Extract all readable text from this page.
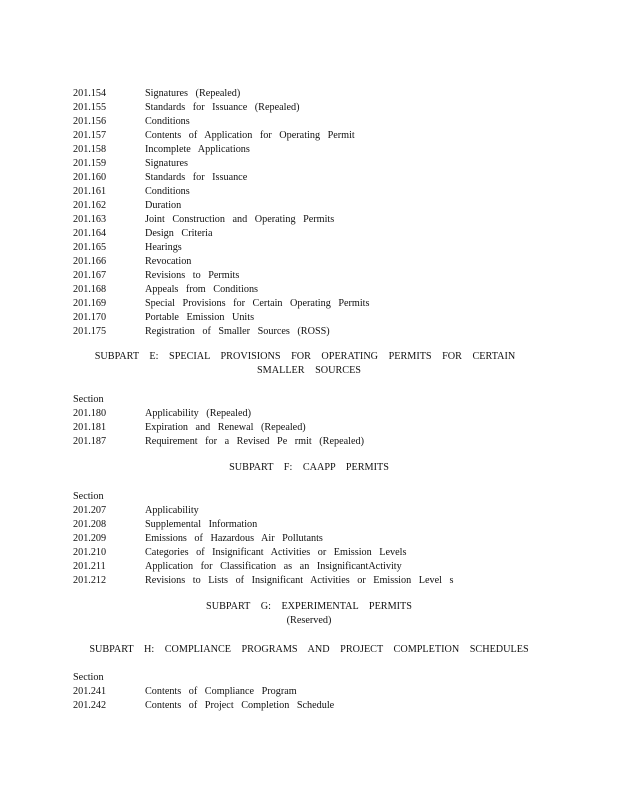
201.154	Signatures (Repealed)
201.155	Standards for Issuance (Repealed)
201.156	Conditions
201.157	Contents of Application for Operating Permit
201.158	Incomplete Applications
201.159	Signatures
201.160	Standards for Issuance
201.161	Conditions
201.162	Duration
201.163	Joint Construction and Operating Permits
201.164	Design Criteria
201.165	Hearings
201.166	Revocation
201.167	Revisions to Permits
201.168	Appeals from Conditions
201.169	Special Provisions for Certain Operating Permits
201.170	Portable Emission Units
201.175	Registration of Smaller Sources (ROSS)
SUBPART E: SPECIAL PROVISIONS FOR OPERATING PERMITS FOR CERTAIN
SMALLER SOURCES
Section
201.180	Applicability (Repealed)
201.181	Expiration and Renewal (Repealed)
201.187	Requirement for a Revised Pe rmit (Repealed)
SUBPART F: CAAPP PERMITS
Section
201.207	Applicability
201.208	Supplemental Information
201.209	Emissions of Hazardous Air Pollutants
201.210	Categories of Insignificant Activities or Emission Levels
201.211	Application for Classification as an InsignificantActivity
201.212	Revisions to Lists of Insignificant Activities or Emission Level s
SUBPART G: EXPERIMENTAL PERMITS
(Reserved)
SUBPART H: COMPLIANCE PROGRAMS AND PROJECT COMPLETION SCHEDULES
Section
201.241	Contents of Compliance Program
201.242	Contents of Project Completion Schedule
